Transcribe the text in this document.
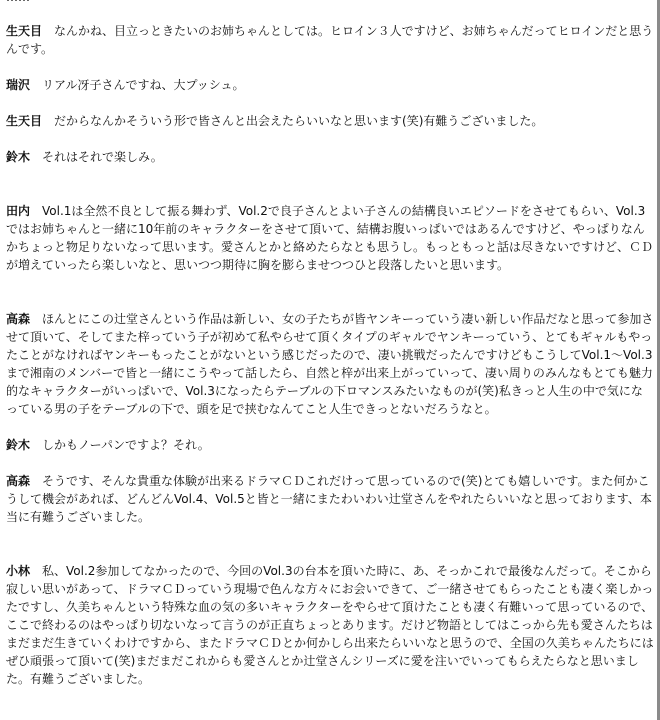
生天目 なんかね、目立っときたいのお姉ちゃんとしては。ヒロイン３人ですけど、お姉ちゃんだってヒロインだと思うんです。

瑞沢 リアル冴子さんですね、大プッシュ。

生天目 だからなんかそういう形で皆さんと出会えたらいいなと思います(笑)有難うございました。

鈴木 それはそれで楽しみ。

田内 Vol.1は全然不良として振る舞わず、Vol.2で良子さんとよい子さんの結構良いエピソードをさせてもらい、Vol.3ではお姉ちゃんと一緒に10年前のキャラクターをさせて頂いて、結構お腹いっぱいではあるんですけど、やっぱりなんかちょっと物足りないなって思います。愛さんとかと絡めたらなとも思うし。もっともっと話は尽きないですけど、ＣＤが増えていったら楽しいなと、思いつつ期待に胸を膨らませつつひと段落したいと思います。

高森 ほんとにこの辻堂さんという作品は新しい、女の子たちが皆ヤンキーっていう凄い新しい作品だなと思って参加させて頂いて、そしてまた梓っていう子が初めて私やらせて頂くタイプのギャルでヤンキーっていう、とてもギャルもやったことがなければヤンキーもったことがないという感じだったので、凄い挑戦だったんですけどもこうしてVol.1～Vol.3まで湘南のメンバーで皆と一緒にこうやって話したら、自然と梓が出来上がっていって、凄い周りのみんなもとても魅力的なキャラクターがいっぱいで、Vol.3になったらテーブルの下ロマンスみたいなものが(笑)私きっと人生の中で気になっている男の子をテーブルの下で、頭を足で挟むなんてこと人生できっとないだろうなと。

鈴木 しかもノーパンですよ？それ。

高森 そうです、そんな貴重な体験が出来るドラマＣＤこれだけって思っているので(笑)とても嬉しいです。また何かこうして機会があれば、どんどんVol.4、Vol.5と皆と一緒にまたわいわい辻堂さんをやれたらいいなと思っております、本当に有難うございました。

小林 私、Vol.2参加してなかったので、今回のVol.3の台本を頂いた時に、あ、そっかこれで最後なんだって。そこから寂しい思いがあって、ドラマＣＤっていう現場で色んな方々にお会いできて、ご一緒させてもらったことも凄く楽しかったですし、久美ちゃんという特殊な血の気の多いキャラクターをやらせて頂けたことも凄く有難いって思っているので、ここで終わるのはやっぱり切ないなって言うのが正直ちょっとあります。だけど物語としてはこっから先も愛さんたちはまだまだ生きていくわけですから、またドラマＣＤとか何かしら出来たらいいなと思うので、全国の久美ちゃんたちにはぜひ頑張って頂いて(笑)まだまだこれからも愛さんとか辻堂さんシリーズに愛を注いでいってもらえたらなと思いました。有難うございました。
